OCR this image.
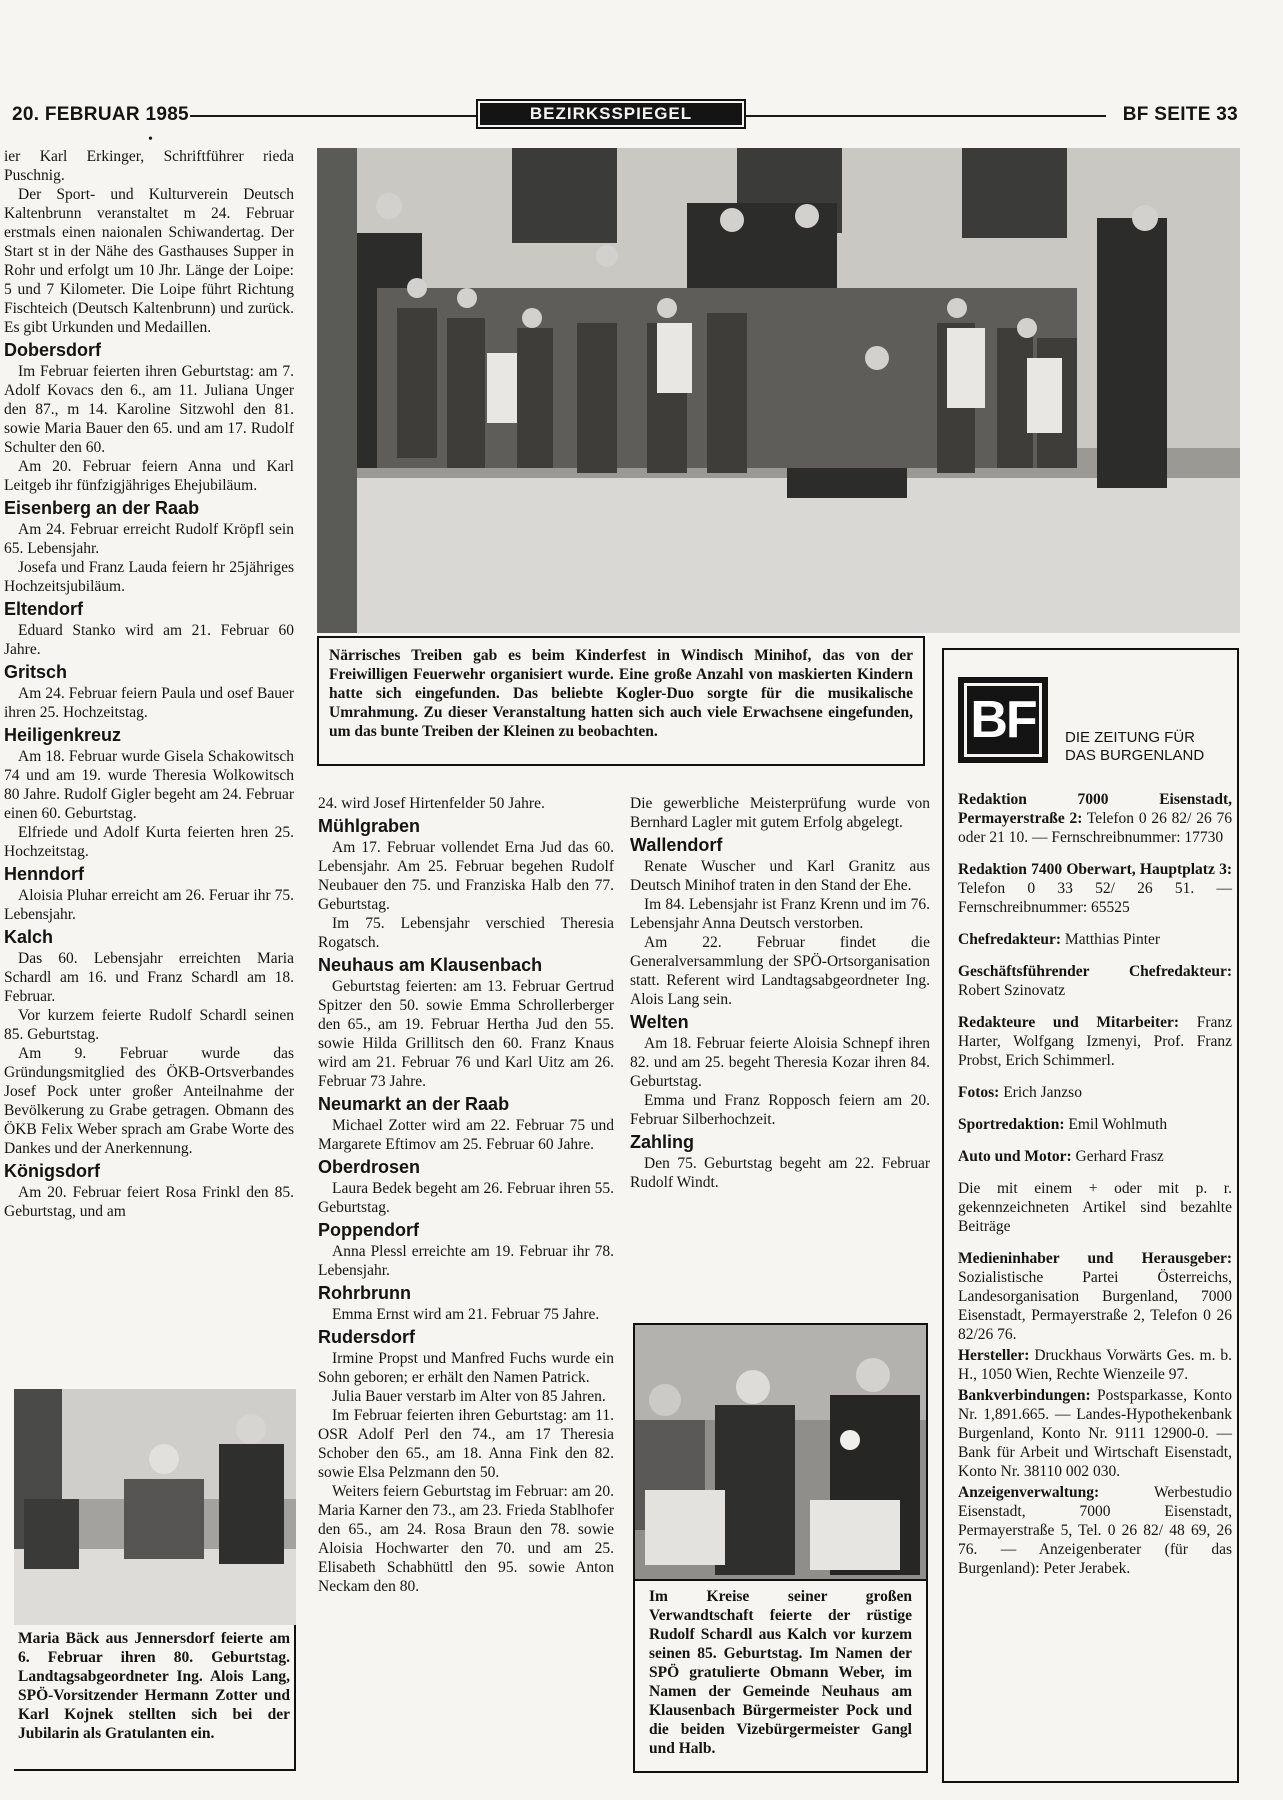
20. FEBRUAR 1985	BEZIRKSSPIEGEL	BF SEITE 33
•

ier Karl Erkinger, Schriftführer rieda Puschnig.

Der Sport- und Kulturverein Deutsch Kaltenbrunn veranstaltet m 24. Februar erstmals einen naionalen Schiwandertag. Der Start st in der Nähe des Gasthauses Supper in Rohr und erfolgt um 10 Jhr. Länge der Loipe: 5 und 7 Kilometer. Die Loipe führt Richtung Fischteich (Deutsch Kaltenbrunn) und zurück. Es gibt Urkunden und Medaillen.

Dobersdorf

Im Februar feierten ihren Geburtstag: am 7. Adolf Kovacs den 6., am 11. Juliana Unger den 87., m 14. Karoline Sitzwohl den 81. sowie Maria Bauer den 65. und am 17. Rudolf Schulter den 60.

Am 20. Februar feiern Anna und Karl Leitgeb ihr fünfzigjähriges Ehejubiläum.

Eisenberg an der Raab

Am 24. Februar erreicht Rudolf Kröpfl sein 65. Lebensjahr.

Josefa und Franz Lauda feiern hr 25jähriges Hochzeitsjubiläum.

Eltendorf

Eduard Stanko wird am 21. Februar 60 Jahre.

Gritsch

Am 24. Februar feiern Paula und osef Bauer ihren 25. Hochzeitstag.

Heiligenkreuz

Am 18. Februar wurde Gisela Schakowitsch 74 und am 19. wurde Theresia Wolkowitsch 80 Jahre. Rudolf Gigler begeht am 24. Februar einen 60. Geburtstag.

Elfriede und Adolf Kurta feierten hren 25. Hochzeitstag.

Henndorf

Aloisia Pluhar erreicht am 26. Feruar ihr 75. Lebensjahr.

Kalch

Das 60. Lebensjahr erreichten Maria Schardl am 16. und Franz Schardl am 18. Februar.

Vor kurzem feierte Rudolf Schardl seinen 85. Geburtstag.

Am 9. Februar wurde das Gründungsmitglied des ÖKB-Ortsverbandes Josef Pock unter großer Anteilnahme der Bevölkerung zu Grabe getragen. Obmann des ÖKB Felix Weber sprach am Grabe Worte des Dankes und der Anerkennung.

Königsdorf

Am 20. Februar feiert Rosa Frinkl den 85. Geburtstag, und am

Närrisches Treiben gab es beim Kinderfest in Windisch Minihof, das von der Freiwilligen Feuerwehr organisiert wurde. Eine große Anzahl von maskierten Kindern hatte sich eingefunden. Das beliebte Kogler-Duo sorgte für die musikalische Umrahmung. Zu dieser Veranstaltung hatten sich auch viele Erwachsene eingefunden, um das bunte Treiben der Kleinen zu beobachten.
Maria Bäck aus Jennersdorf feierte am 6. Februar ihren 80. Geburtstag. Landtagsabgeordneter Ing. Alois Lang, SPÖ-Vorsitzender Hermann Zotter und Karl Kojnek stellten sich bei der Jubilarin als Gratulanten ein.

24. wird Josef Hirtenfelder 50 Jahre.

Mühlgraben

Am 17. Februar vollendet Erna Jud das 60. Lebensjahr. Am 25. Februar begehen Rudolf Neubauer den 75. und Franziska Halb den 77. Geburtstag.

Im 75. Lebensjahr verschied Theresia Rogatsch.

Neuhaus am Klausenbach

Geburtstag feierten: am 13. Februar Gertrud Spitzer den 50. sowie Emma Schrollerberger den 65., am 19. Februar Hertha Jud den 55. sowie Hilda Grillitsch den 60. Franz Knaus wird am 21. Februar 76 und Karl Uitz am 26. Februar 73 Jahre.

Neumarkt an der Raab

Michael Zotter wird am 22. Februar 75 und Margarete Eftimov am 25. Februar 60 Jahre.

Oberdrosen

Laura Bedek begeht am 26. Februar ihren 55. Geburtstag.

Poppendorf

Anna Plessl erreichte am 19. Februar ihr 78. Lebensjahr.

Rohrbrunn

Emma Ernst wird am 21. Februar 75 Jahre.

Rudersdorf

Irmine Propst und Manfred Fuchs wurde ein Sohn geboren; er erhält den Namen Patrick.

Julia Bauer verstarb im Alter von 85 Jahren.

Im Februar feierten ihren Geburtstag: am 11. OSR Adolf Perl den 74., am 17 Theresia Schober den 65., am 18. Anna Fink den 82. sowie Elsa Pelzmann den 50.

Weiters feiern Geburtstag im Februar: am 20. Maria Karner den 73., am 23. Frieda Stablhofer den 65., am 24. Rosa Braun den 78. sowie Aloisia Hochwarter den 70. und am 25. Elisabeth Schabhüttl den 95. sowie Anton Neckam den 80.

Die gewerbliche Meisterprüfung wurde von Bernhard Lagler mit gutem Erfolg abgelegt.

Wallendorf

Renate Wuscher und Karl Granitz aus Deutsch Minihof traten in den Stand der Ehe.

Im 84. Lebensjahr ist Franz Krenn und im 76. Lebensjahr Anna Deutsch verstorben.

Am 22. Februar findet die Generalversammlung der SPÖ-Ortsorganisation statt. Referent wird Landtagsabgeordneter Ing. Alois Lang sein.

Welten

Am 18. Februar feierte Aloisia Schnepf ihren 82. und am 25. begeht Theresia Kozar ihren 84. Geburtstag.

Emma und Franz Ropposch feiern am 20. Februar Silberhochzeit.

Zahling

Den 75. Geburtstag begeht am 22. Februar Rudolf Windt.

Im Kreise seiner großen Verwandtschaft feierte der rüstige Rudolf Schardl aus Kalch vor kurzem seinen 85. Geburtstag. Im Namen der SPÖ gratulierte Obmann Weber, im Namen der Gemeinde Neuhaus am Klausenbach Bürgermeister Pock und die beiden Vizebürgermeister Gangl und Halb.
BF	DIE ZEITUNG FÜR
DAS BURGENLAND

Redaktion 7000 Eisenstadt, Permayerstraße 2: Telefon 0 26 82/ 26 76 oder 21 10. — Fernschreibnummer: 17730

Redaktion 7400 Oberwart, Hauptplatz 3: Telefon 0 33 52/ 26 51. — Fernschreibnummer: 65525

Chefredakteur: Matthias Pinter

Geschäftsführender Chefredakteur: Robert Szinovatz

Redakteure und Mitarbeiter: Franz Harter, Wolfgang Izmenyi, Prof. Franz Probst, Erich Schimmerl.

Fotos: Erich Janzso

Sportredaktion: Emil Wohlmuth

Auto und Motor: Gerhard Frasz

Die mit einem + oder mit p. r. gekennzeichneten Artikel sind bezahlte Beiträge

Medieninhaber und Herausgeber: Sozialistische Partei Österreichs, Landesorganisation Burgenland, 7000 Eisenstadt, Permayerstraße 2, Telefon 0 26 82/26 76.

Hersteller: Druckhaus Vorwärts Ges. m. b. H., 1050 Wien, Rechte Wienzeile 97.

Bankverbindungen: Postsparkasse, Konto Nr. 1,891.665. — Landes-Hypothekenbank Burgenland, Konto Nr. 9111 12900-0. — Bank für Arbeit und Wirtschaft Eisenstadt, Konto Nr. 38110 002 030.

Anzeigenverwaltung: Werbestudio Eisenstadt, 7000 Eisenstadt, Permayerstraße 5, Tel. 0 26 82/ 48 69, 26 76. — Anzeigenberater (für das Burgenland): Peter Jerabek.
